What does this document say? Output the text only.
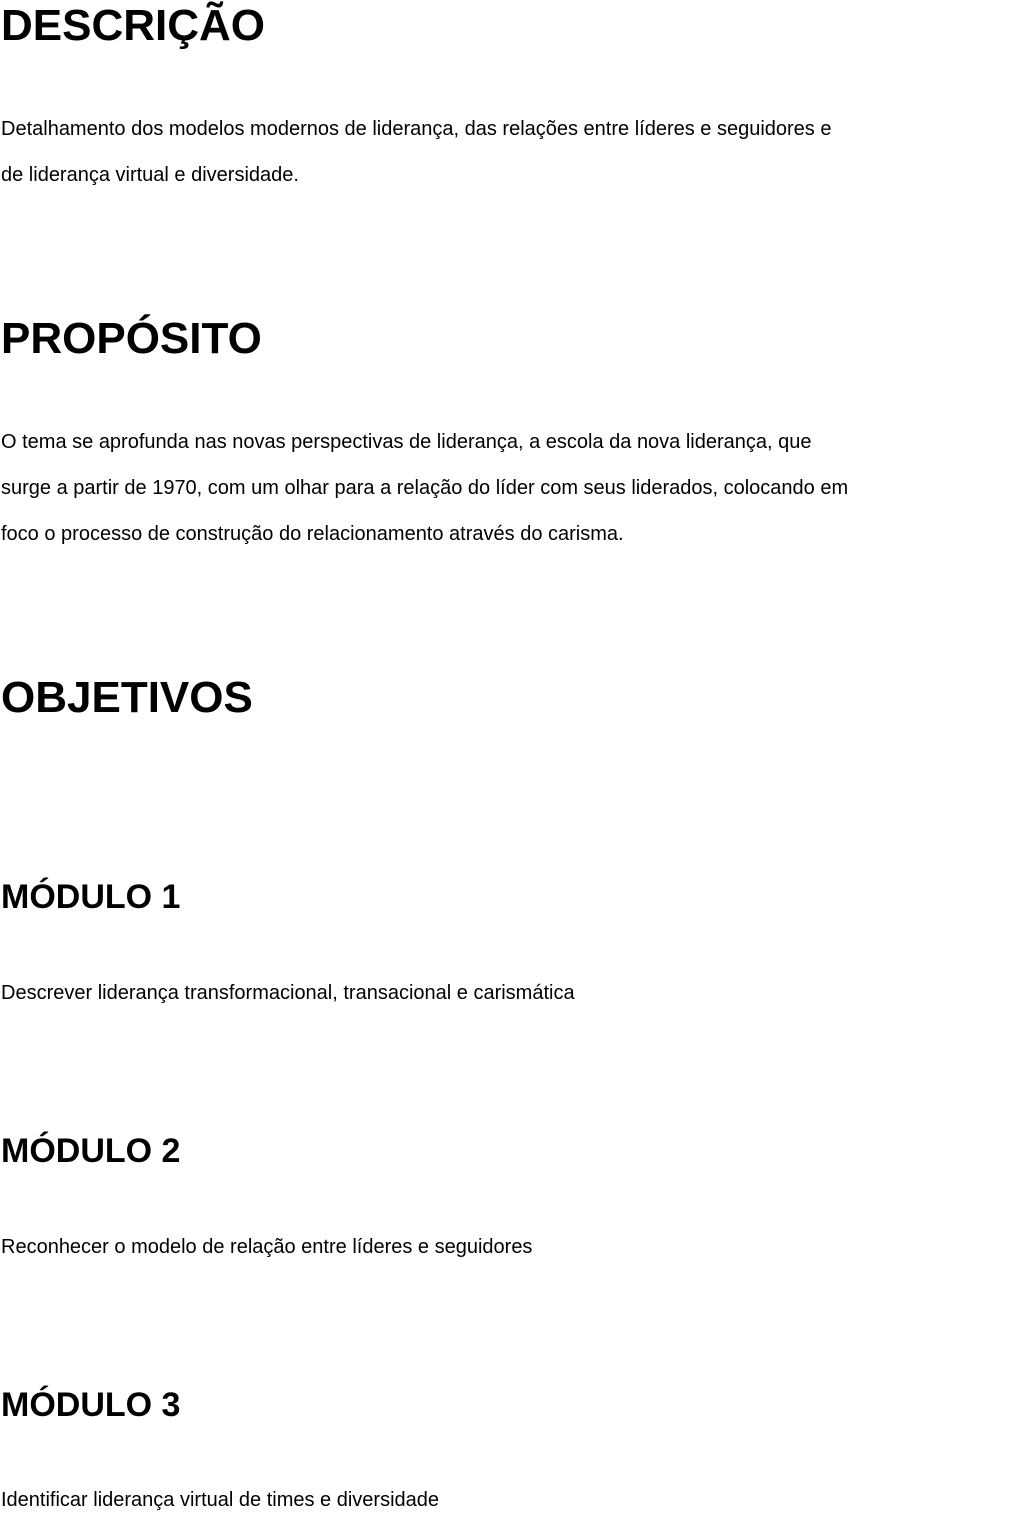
DESCRIÇÃO
Detalhamento dos modelos modernos de liderança, das relações entre líderes e seguidores e
de liderança virtual e diversidade.
PROPÓSITO
O tema se aprofunda nas novas perspectivas de liderança, a escola da nova liderança, que
surge a partir de 1970, com um olhar para a relação do líder com seus liderados, colocando em
foco o processo de construção do relacionamento através do carisma.
OBJETIVOS
MÓDULO 1
Descrever liderança transformacional, transacional e carismática
MÓDULO 2
Reconhecer o modelo de relação entre líderes e seguidores
MÓDULO 3
Identificar liderança virtual de times e diversidade
